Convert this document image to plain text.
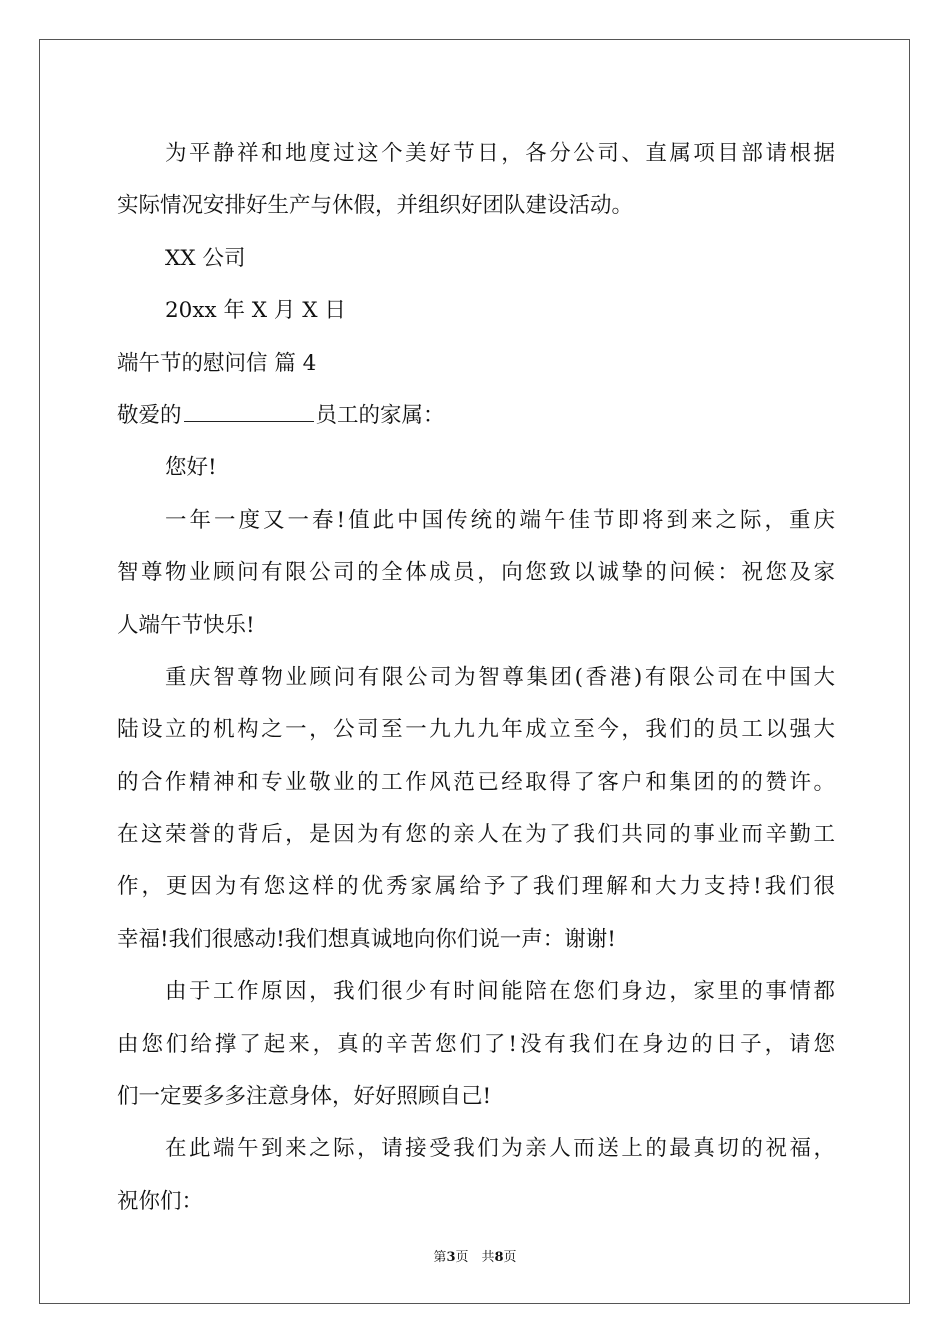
为平静祥和地度过这个美好节日，各分公司、直属项目部请根据

实际情况安排好生产与休假，并组织好团队建设活动。

XX 公司

20xx 年 X 月 X 日

端午节的慰问信 篇 4

敬爱的	员工的家属：

您好!

一年一度又一春!值此中国传统的端午佳节即将到来之际，重庆

智尊物业顾问有限公司的全体成员，向您致以诚挚的问候：祝您及家

人端午节快乐!

重庆智尊物业顾问有限公司为智尊集团(香港)有限公司在中国大

陆设立的机构之一，公司至一九九九年成立至今，我们的员工以强大

的合作精神和专业敬业的工作风范已经取得了客户和集团的的赞许。

在这荣誉的背后，是因为有您的亲人在为了我们共同的事业而辛勤工

作，更因为有您这样的优秀家属给予了我们理解和大力支持!我们很

幸福!我们很感动!我们想真诚地向你们说一声：谢谢!

由于工作原因，我们很少有时间能陪在您们身边，家里的事情都

由您们给撑了起来，真的辛苦您们了!没有我们在身边的日子，请您

们一定要多多注意身体，好好照顾自己!

在此端午到来之际，请接受我们为亲人而送上的最真切的祝福，

祝你们：

第3页　共8页
